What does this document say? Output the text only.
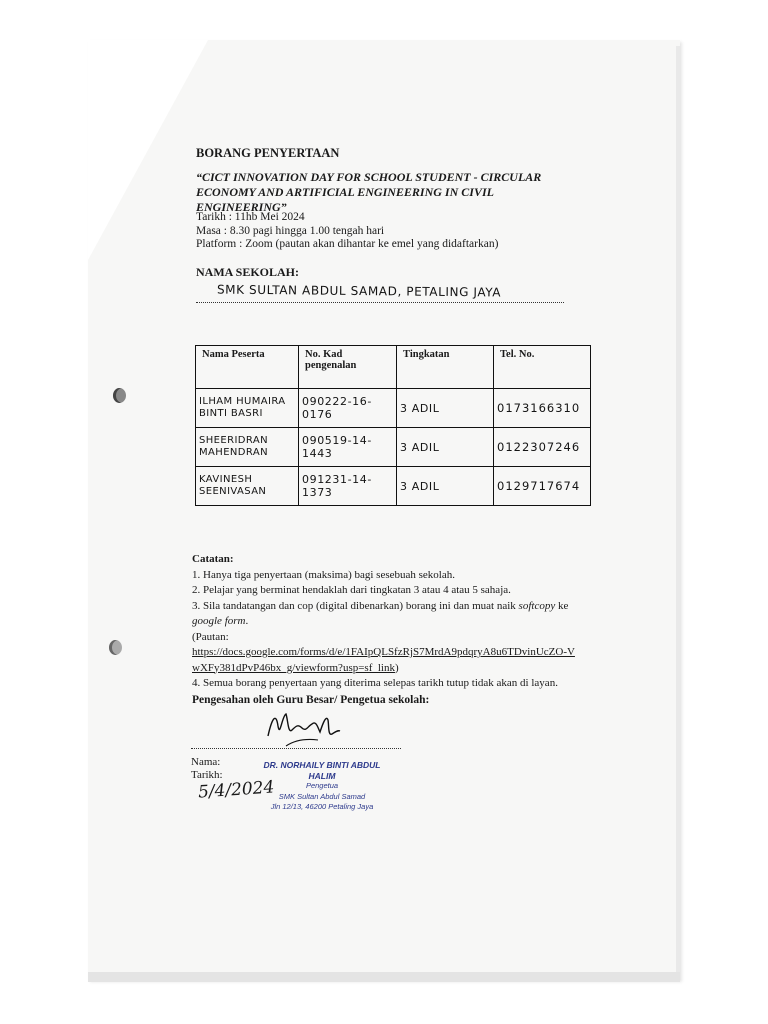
BORANG PENYERTAAN
“CICT INNOVATION DAY FOR SCHOOL STUDENT - CIRCULAR ECONOMY AND ARTIFICIAL ENGINEERING IN CIVIL ENGINEERING”
Tarikh : 11hb Mei 2024
Masa : 8.30 pagi hingga 1.00 tengah hari
Platform : Zoom (pautan akan dihantar ke emel yang didaftarkan)
NAMA SEKOLAH:
SMK SULTAN ABDUL SAMAD, PETALING JAYA
Nama Peserta	No. Kad pengenalan	Tingkatan	Tel. No.
ILHAM HUMAIRA BINTI BASRI	090222-16-0176	3 ADIL	0173166310
SHEERIDRAN MAHENDRAN	090519-14-1443	3 ADIL	0122307246
KAVINESH SEENIVASAN	091231-14-1373	3 ADIL	0129717674
Catatan:
1. Hanya tiga penyertaan (maksima) bagi sesebuah sekolah.
2. Pelajar yang berminat hendaklah dari tingkatan 3 atau 4 atau 5 sahaja.
3. Sila tandatangan dan cop (digital dibenarkan) borang ini dan muat naik softcopy ke google form.
(Pautan:
https://docs.google.com/forms/d/e/1FAIpQLSfzRjS7MrdA9pdqryA8u6TDvinUcZO-VwXFy381dPvP46bx_g/viewform?usp=sf_link)
4. Semua borang penyertaan yang diterima selepas tarikh tutup tidak akan di layan.
Pengesahan oleh Guru Besar/ Pengetua sekolah:
Nama:
Tarikh:
5/4/2024
DR. NORHAILY BINTI ABDUL HALIM
Pengetua
SMK Sultan Abdul Samad
Jln 12/13, 46200 Petaling Jaya
